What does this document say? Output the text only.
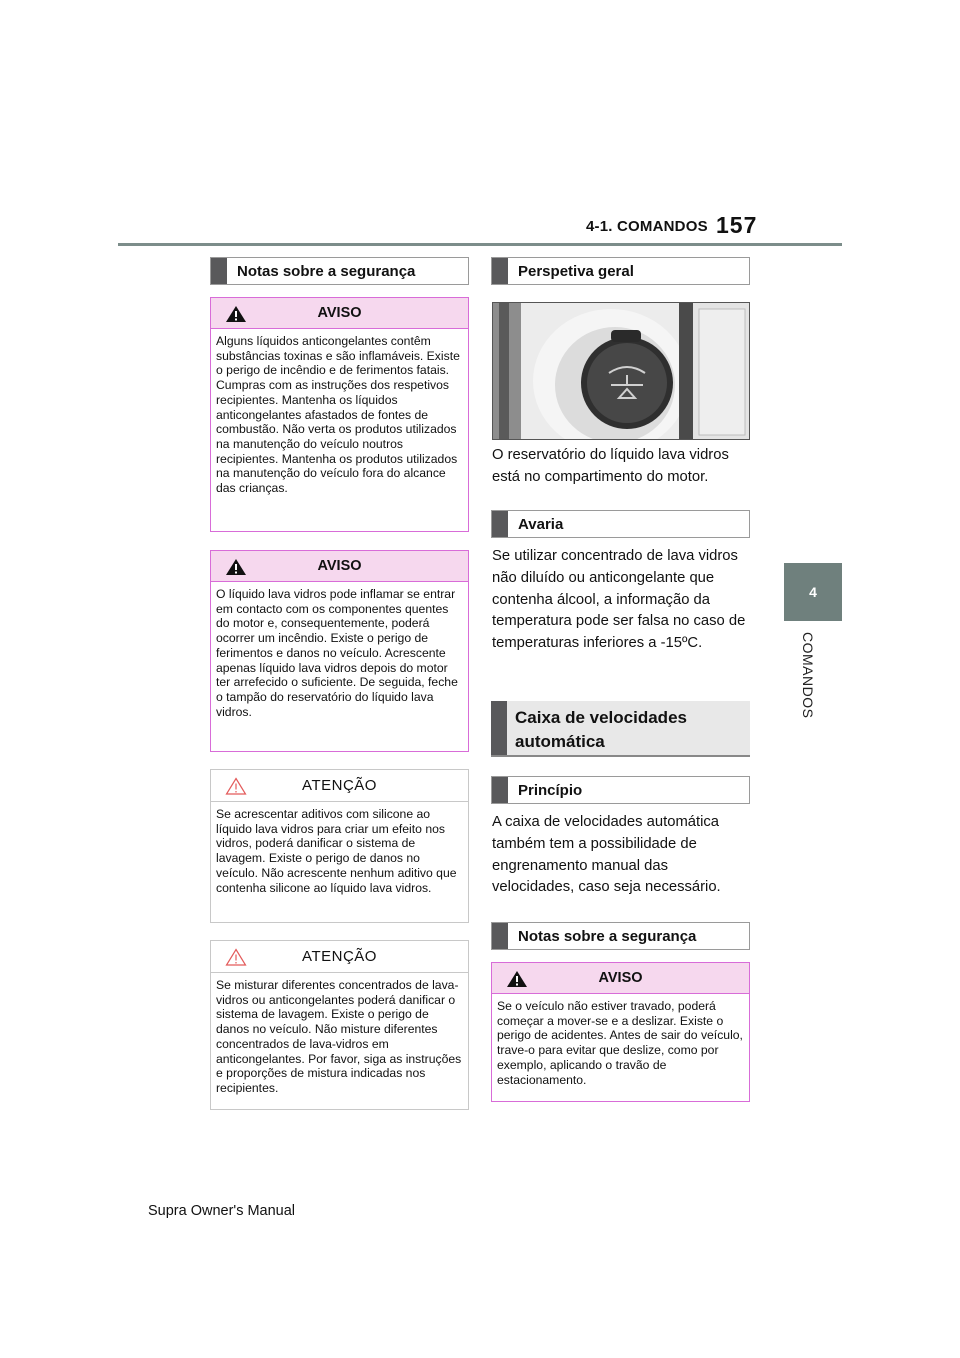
4-1. COMANDOS 157
4
COMANDOS
Notas sobre a segurança
AVISO
Alguns líquidos anticongelantes contêm substâncias toxinas e são inflamáveis. Existe o perigo de incêndio e de ferimentos fatais. Cumpras com as instruções dos respetivos recipientes. Mantenha os líquidos anticongelantes afastados de fontes de combustão. Não verta os produtos utilizados na manutenção do veículo noutros recipientes. Mantenha os produtos utilizados na manutenção do veículo fora do alcance das crianças.
AVISO
O líquido lava vidros pode inflamar se entrar em contacto com os componentes quentes do motor e, consequentemente, poderá ocorrer um incêndio. Existe o perigo de ferimentos e danos no veículo. Acrescente apenas líquido lava vidros depois do motor ter arrefecido o suficiente. De seguida, feche o tampão do reservatório do líquido lava vidros.
ATENÇÃO
Se acrescentar aditivos com silicone ao líquido lava vidros para criar um efeito nos vidros, poderá danificar o sistema de lavagem. Existe o perigo de danos no veículo. Não acrescente nenhum aditivo que contenha silicone ao líquido lava vidros.
ATENÇÃO
Se misturar diferentes concentrados de lava-vidros ou anticongelantes poderá danificar o sistema de lavagem. Existe o perigo de danos no veículo. Não misture diferentes concentrados de lava-vidros em anticongelantes. Por favor, siga as instruções e proporções de mistura indicadas nos recipientes.
Perspetiva geral
O reservatório do líquido lava vidros está no compartimento do motor.
Avaria
Se utilizar concentrado de lava vidros não diluído ou anticongelante que contenha álcool, a informação da temperatura pode ser falsa no caso de temperaturas inferiores a -15ºC.
Caixa de velocidades automática
Princípio
A caixa de velocidades automática também tem a possibilidade de engrenamento manual das velocidades, caso seja necessário.
Notas sobre a segurança
AVISO
Se o veículo não estiver travado, poderá começar a mover-se e a deslizar. Existe o perigo de acidentes. Antes de sair do veículo, trave-o para evitar que deslize, como por exemplo, aplicando o travão de estacionamento.
Supra Owner's Manual
